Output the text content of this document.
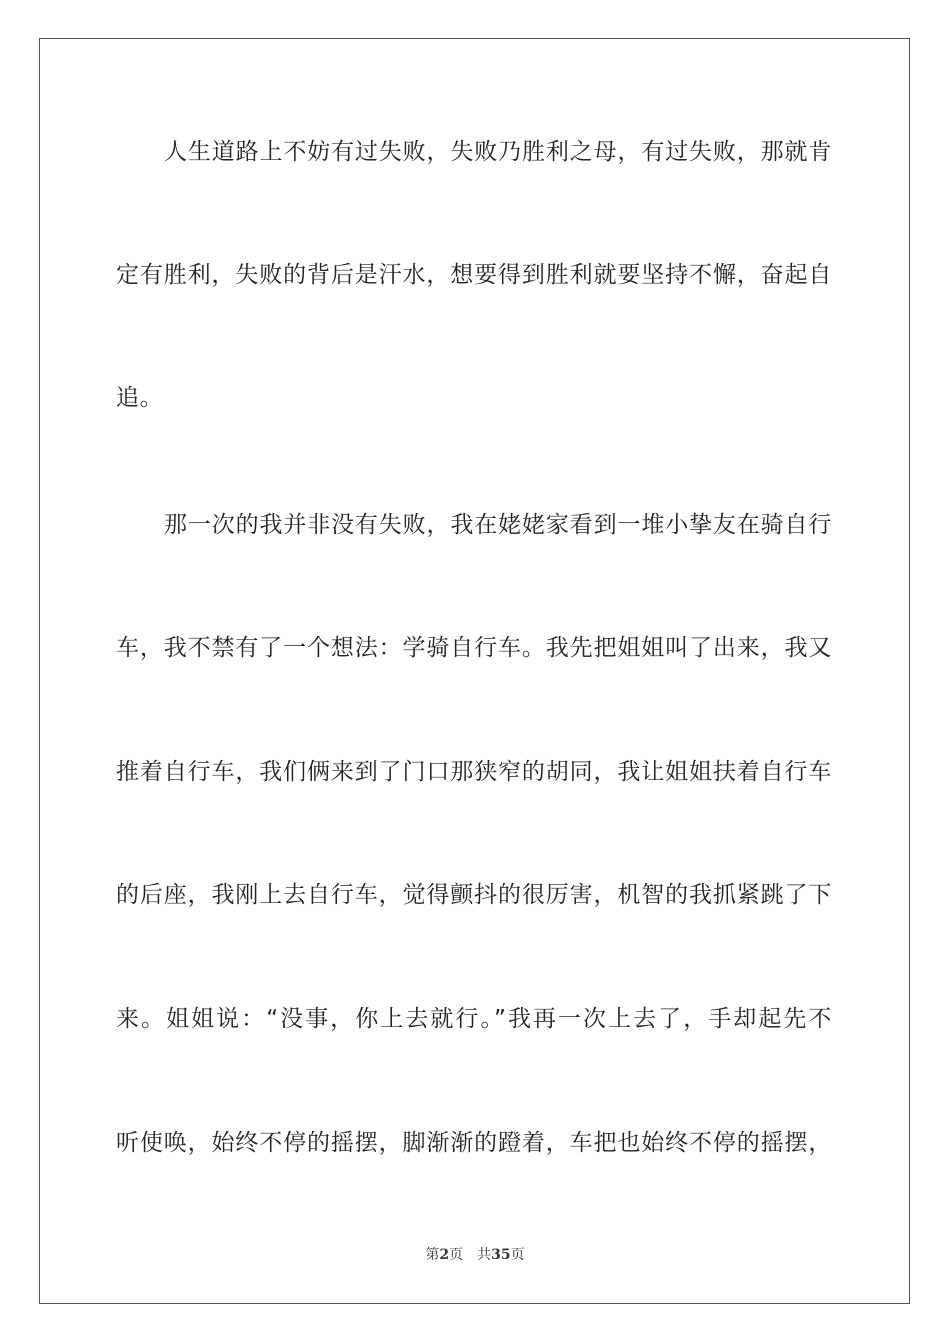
人生道路上不妨有过失败，失败乃胜利之母，有过失败，那就肯
定有胜利，失败的背后是汗水，想要得到胜利就要坚持不懈，奋起自
追。
那一次的我并非没有失败，我在姥姥家看到一堆小挚友在骑自行
车，我不禁有了一个想法：学骑自行车。我先把姐姐叫了出来，我又
推着自行车，我们俩来到了门口那狭窄的胡同，我让姐姐扶着自行车
的后座，我刚上去自行车，觉得颤抖的很厉害，机智的我抓紧跳了下
来。姐姐说：“没事，你上去就行。”我再一次上去了，手却起先不
听使唤，始终不停的摇摆，脚渐渐的蹬着，车把也始终不停的摇摆，
第2页 共35页
